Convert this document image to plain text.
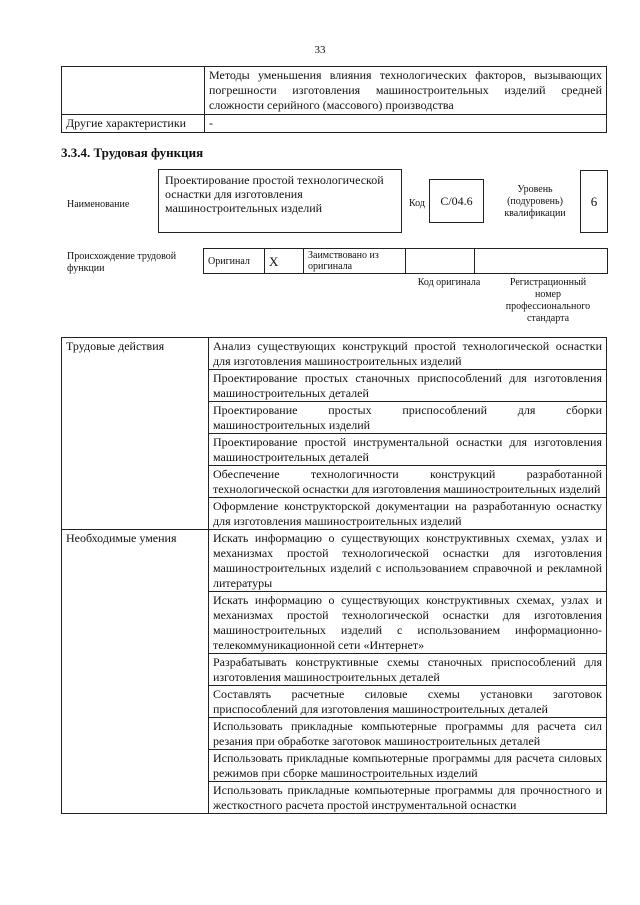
33
	Методы уменьшения влияния технологических факторов, вызывающих погрешности изготовления машиностроительных изделий средней сложности серийного (массового) производства
Другие характеристики	-
3.3.4. Трудовая функция
Наименование
Проектирование простой технологической оснастки для изготовления машиностроительных изделий	Код	С/04.6
Уровень (подуровень) квалификации
6
Происхождение трудовой функции
Оригинал	X	Заимствовано из оригинала		
Код оригинала	Регистрационный номер профессионального стандарта
Трудовые действия	Анализ существующих конструкций простой технологической оснастки для изготовления машиностроительных изделий
	Проектирование простых станочных приспособлений для изготовления машиностроительных деталей
	Проектирование простых приспособлений для сборки машиностроительных изделий
	Проектирование простой инструментальной оснастки для изготовления машиностроительных деталей
	Обеспечение технологичности конструкций разработанной технологической оснастки для изготовления машиностроительных изделий
	Оформление конструкторской документации на разработанную оснастку для изготовления машиностроительных изделий
Необходимые умения	Искать информацию о существующих конструктивных схемах, узлах и механизмах простой технологической оснастки для изготовления машиностроительных изделий с использованием справочной и рекламной литературы
	Искать информацию о существующих конструктивных схемах, узлах и механизмах простой технологической оснастки для изготовления машиностроительных изделий с использованием информационно-телекоммуникационной сети «Интернет»
	Разрабатывать конструктивные схемы станочных приспособлений для изготовления машиностроительных деталей
	Составлять расчетные силовые схемы установки заготовок приспособлений для изготовления машиностроительных деталей
	Использовать прикладные компьютерные программы для расчета сил резания при обработке заготовок машиностроительных деталей
	Использовать прикладные компьютерные программы для расчета силовых режимов при сборке машиностроительных изделий
	Использовать прикладные компьютерные программы для прочностного и жесткостного расчета простой инструментальной оснастки
